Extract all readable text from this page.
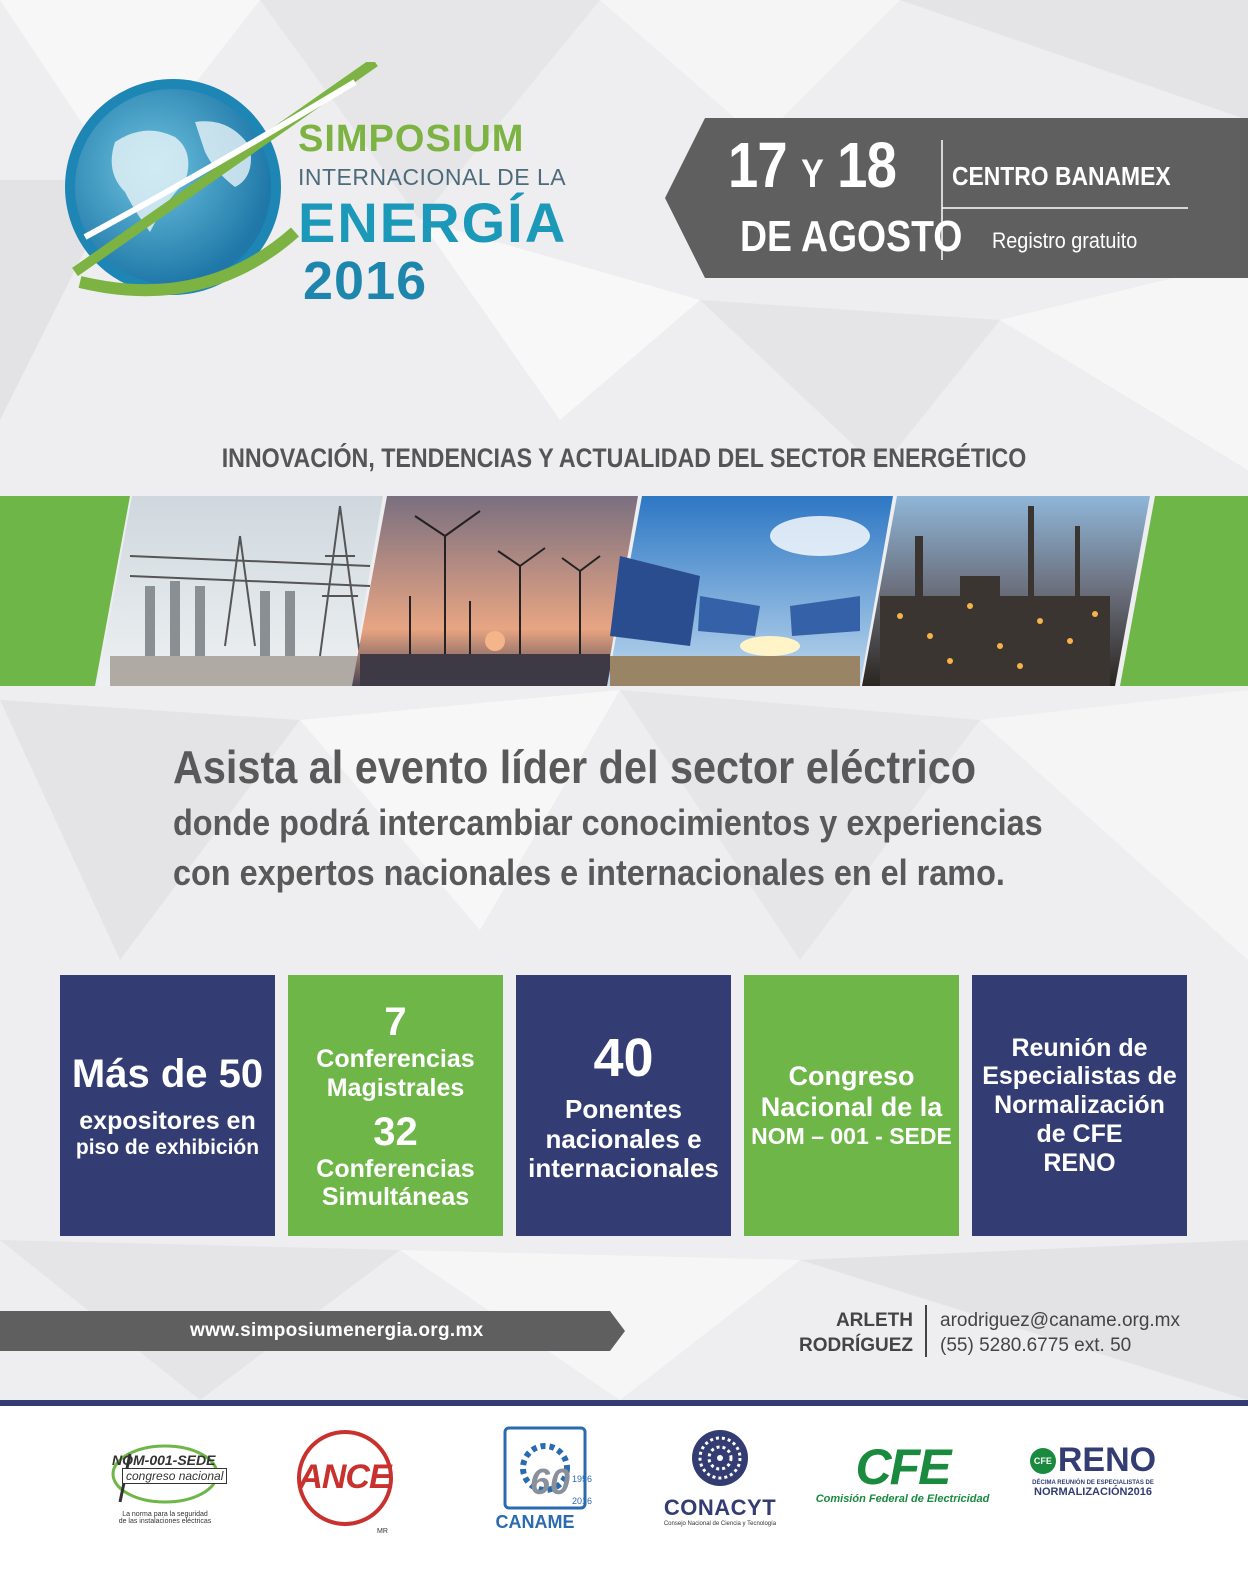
SIMPOSIUM
INTERNACIONAL DE LA
ENERGÍA
2016
17 Y 18
DE AGOSTO
CENTRO BANAMEX
Registro gratuito
INNOVACIÓN, TENDENCIAS Y ACTUALIDAD DEL SECTOR ENERGÉTICO
Asista al evento líder del sector eléctrico
donde podrá intercambiar conocimientos y experiencias
con expertos nacionales e internacionales en el ramo.
Más de 50
expositores en
piso de exhibición
7
Conferencias
Magistrales
32
Conferencias
Simultáneas
40
Ponentes
nacionales e
internacionales
Congreso
Nacional de la
NOM – 001 - SEDE
Reunión de
Especialistas de
Normalización
de CFE
RENO
www.simposiumenergia.org.mx	ARLETH
RODRÍGUEZ
arodriguez@caname.org.mx
(55) 5280.6775 ext. 50
NOM-001-SEDE
congreso nacional
La norma para la seguridad
de las instalaciones eléctricas
ANCE
MR
60 1956
2016
CANAME
CONACYT
Consejo Nacional de Ciencia y Tecnología
CFE
Comisión Federal de Electricidad
CFE RENO
DÉCIMA REUNIÓN DE ESPECIALISTAS DE
NORMALIZACIÓN2016
